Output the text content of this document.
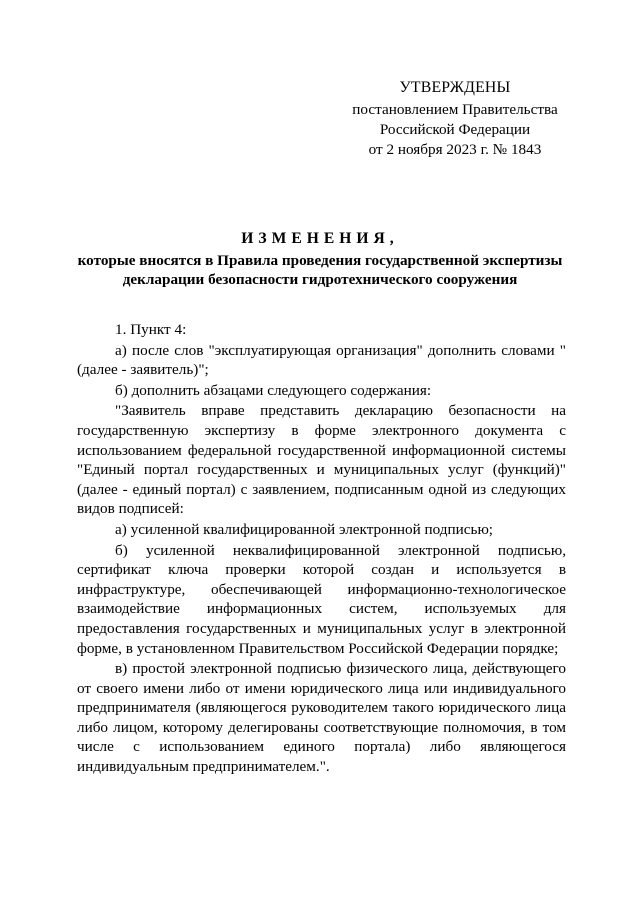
УТВЕРЖДЕНЫ
постановлением Правительства
Российской Федерации
от 2 ноября 2023 г. № 1843
ИЗМЕНЕНИЯ,
которые вносятся в Правила проведения государственной экспертизы декларации безопасности гидротехнического сооружения

1. Пункт 4:

а) после слов "эксплуатирующая организация" дополнить словами "(далее - заявитель)";

б) дополнить абзацами следующего содержания:

"Заявитель вправе представить декларацию безопасности на государственную экспертизу в форме электронного документа с использованием федеральной государственной информационной системы "Единый портал государственных и муниципальных услуг (функций)" (далее - единый портал) с заявлением, подписанным одной из следующих видов подписей:

а) усиленной квалифицированной электронной подписью;

б) усиленной неквалифицированной электронной подписью, сертификат ключа проверки которой создан и используется в инфраструктуре, обеспечивающей информационно-технологическое взаимодействие информационных систем, используемых для предоставления государственных и муниципальных услуг в электронной форме, в установленном Правительством Российской Федерации порядке;

в) простой электронной подписью физического лица, действующего от своего имени либо от имени юридического лица или индивидуального предпринимателя (являющегося руководителем такого юридического лица либо лицом, которому делегированы соответствующие полномочия, в том числе с использованием единого портала) либо являющегося индивидуальным предпринимателем.".
